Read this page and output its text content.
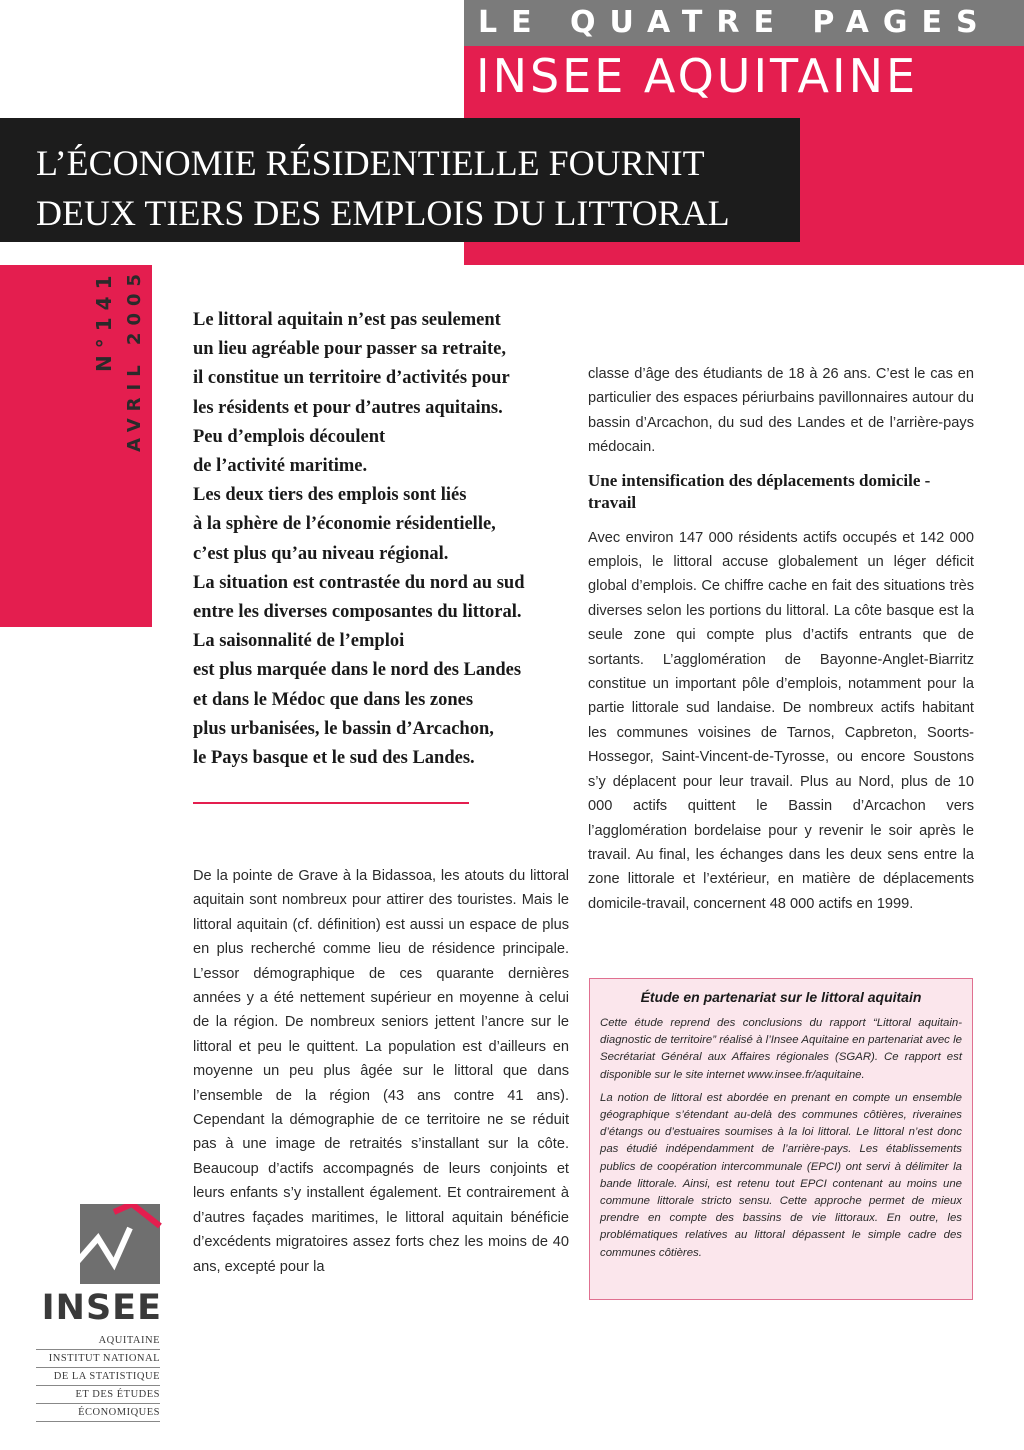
LE QUATRE PAGES
INSEE AQUITAINE
L’ÉCONOMIE RÉSIDENTIELLE FOURNIT
DEUX TIERS DES EMPLOIS DU LITTORAL
N°141 AVRIL 2005	Le littoral aquitain n’est pas seulement

un lieu agréable pour passer sa retraite,

il constitue un territoire d’activités pour

les résidents et pour d’autres aquitains.

Peu d’emplois découlent

de l’activité maritime.

Les deux tiers des emplois sont liés

à la sphère de l’économie résidentielle,

c’est plus qu’au niveau régional.

La situation est contrastée du nord au sud

entre les diverses composantes du littoral.

La saisonnalité de l’emploi

est plus marquée dans le nord des Landes

et dans le Médoc que dans les zones

plus urbanisées, le bassin d’Arcachon,

le Pays basque et le sud des Landes.

De la pointe de Grave à la Bidassoa, les atouts du littoral aquitain sont nombreux pour attirer des touristes. Mais le littoral aquitain (cf. définition) est aussi un espace de plus en plus recherché comme lieu de résidence principale. L’essor démographique de ces quarante dernières années y a été nettement supérieur en moyenne à celui de la région. De nombreux seniors jettent l’ancre sur le littoral et peu le quittent. La population est d’ailleurs en moyenne un peu plus âgée sur le littoral que dans l’ensemble de la région (43 ans contre 41 ans). Cependant la démographie de ce territoire ne se réduit pas à une image de retraités s’installant sur la côte. Beaucoup d’actifs accompagnés de leurs conjoints et leurs enfants s’y installent également. Et contrairement à d’autres façades maritimes, le littoral aquitain bénéficie d’excédents migratoires assez forts chez les moins de 40 ans, excepté pour la

classe d’âge des étudiants de 18 à 26 ans. C’est le cas en particulier des espaces périurbains pavillonnaires autour du bassin d’Arcachon, du sud des Landes et de l’arrière-pays médocain.

Une intensification des déplacements domicile - travail

Avec environ 147 000 résidents actifs occupés et 142 000 emplois, le littoral accuse globalement un léger déficit global d’emplois. Ce chiffre cache en fait des situations très diverses selon les portions du littoral. La côte basque est la seule zone qui compte plus d’actifs entrants que de sortants. L’agglomération de Bayonne-Anglet-Biarritz constitue un important pôle d’emplois, notamment pour la partie littorale sud landaise. De nombreux actifs habitant les communes voisines de Tarnos, Capbreton, Soorts-Hossegor, Saint-Vincent-de-Tyrosse, ou encore Soustons s’y déplacent pour leur travail. Plus au Nord, plus de 10 000 actifs quittent le Bassin d’Arcachon vers l’agglomération bordelaise pour y revenir le soir après le travail. Au final, les échanges dans les deux sens entre la zone littorale et l’extérieur, en matière de déplacements domicile-travail, concernent 48 000 actifs en 1999.

Étude en partenariat sur le littoral aquitain

Cette étude reprend des conclusions du rapport “Littoral aquitain-diagnostic de territoire” réalisé à l’Insee Aquitaine en partenariat avec le Secrétariat Général aux Affaires régionales (SGAR). Ce rapport est disponible sur le site internet www.insee.fr/aquitaine.

La notion de littoral est abordée en prenant en compte un ensemble géographique s’étendant au-delà des communes côtières, riveraines d’étangs ou d’estuaires soumises à la loi littoral. Le littoral n’est donc pas étudié indépendamment de l’arrière-pays. Les établissements publics de coopération intercommunale (EPCI) ont servi à délimiter la bande littorale. Ainsi, est retenu tout EPCI contenant au moins une commune littorale stricto sensu. Cette approche permet de mieux prendre en compte des bassins de vie littoraux. En outre, les problématiques relatives au littoral dépassent le simple cadre des communes côtières.

INSEE
AQUITAINE
INSTITUT NATIONAL
DE LA STATISTIQUE
ET DES ÉTUDES
ÉCONOMIQUES
